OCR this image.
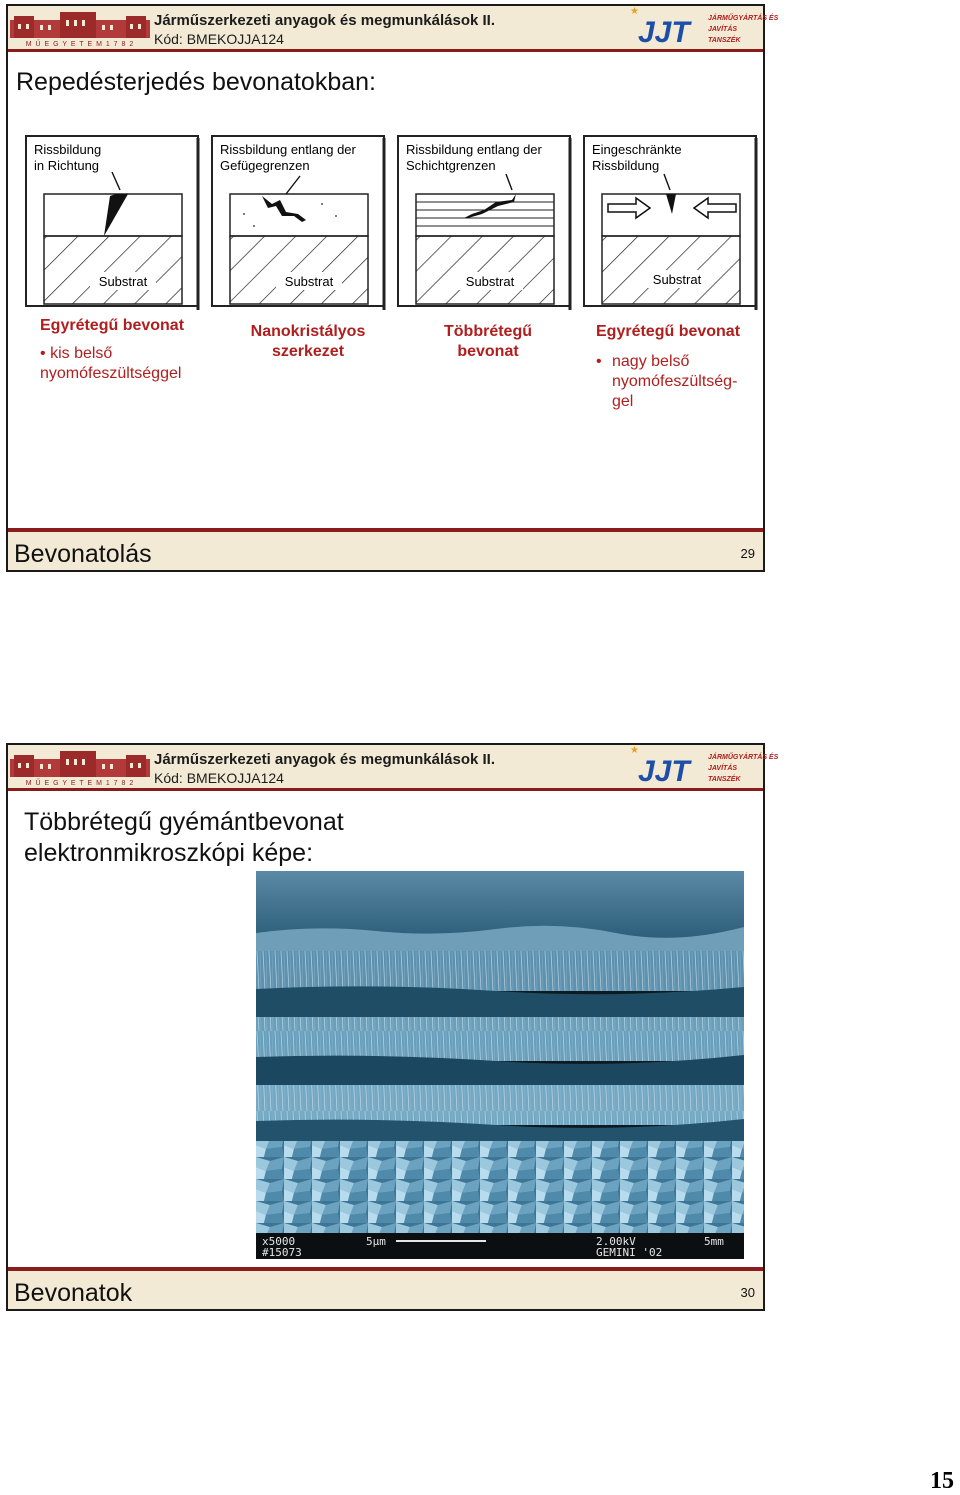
M Ű E G Y E T E M 1 7 8 2
Járműszerkezeti anyagok és megmunkálások II.
Kód: BMEKOJJA124
★
JJT	JÁRMŰGYÁRTÁS ÉS
JAVÍTÁS
TANSZÉK
Repedésterjedés bevonatokban:
Rissbildung
in Richtung
Substrat
Rissbildung entlang der
Gefügegrenzen
Substrat
Rissbildung entlang der
Schichtgrenzen
Substrat
Eingeschränkte
Rissbildung
Substrat
Egyrétegű bevonat
• kis belső
nyomófeszültséggel
Nanokristályos
szerkezet
Többrétegű
bevonat
Egyrétegű bevonat
• nagy belső
nyomófeszültség-
gel
Bevonatolás	29
M Ű E G Y E T E M 1 7 8 2
Járműszerkezeti anyagok és megmunkálások II.
Kód: BMEKOJJA124
★
JJT	JÁRMŰGYÁRTÁS ÉS
JAVÍTÁS
TANSZÉK
Többrétegű gyémántbevonat
elektronmikroszkópi képe:
x5000
#15073
5μm	2.00kV
GEMINI '02
5mm
Bevonatok	30
15
